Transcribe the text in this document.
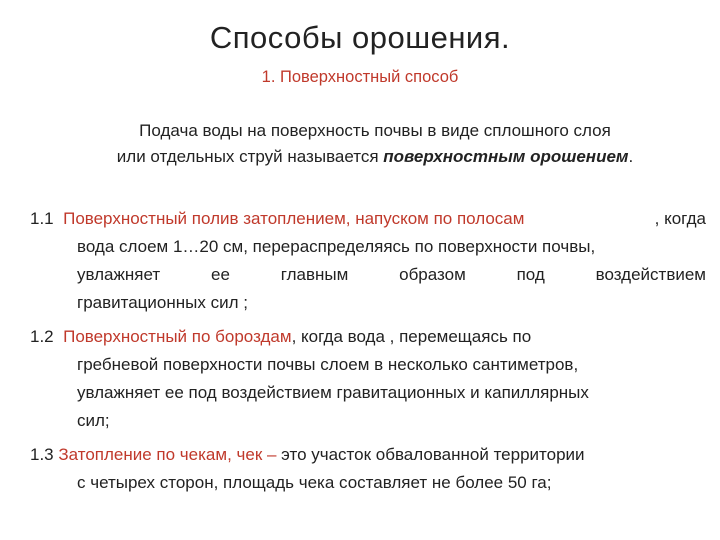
Способы орошения.
1. Поверхностный способ
Подача воды на поверхность почвы в виде сплошного слоя
или отдельных струй называется поверхностным орошением.
1.1 Поверхностный полив затоплением, напуском по полосам	, когда
вода слоем 1…20 см, перераспределяясь по поверхности почвы,
увлажняет	ее	главным	образом	под	воздействием
гравитационных сил ;
1.2 Поверхностный по бороздам, когда вода , перемещаясь по
гребневой поверхности почвы слоем в несколько сантиметров,
увлажняет ее под воздействием гравитационных и капиллярных
сил;
1.3 Затопление по чекам, чек – это участок обвалованной территории
с четырех сторон, площадь чека составляет не более 50 га;
